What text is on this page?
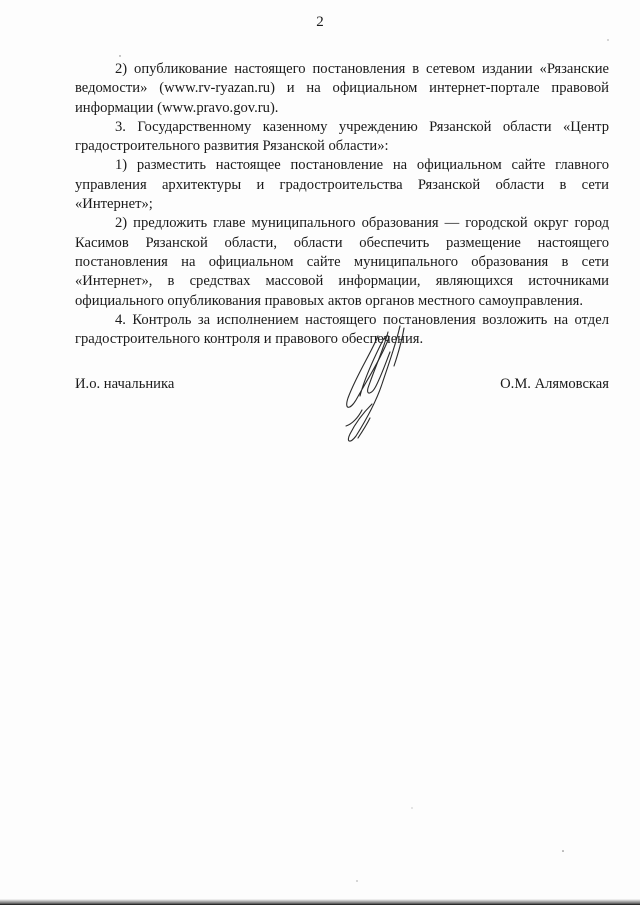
2

2) опубликование настоящего постановления в сетевом издании «Рязанские ведомости» (www.rv-ryazan.ru) и на официальном интернет-портале правовой информации (www.pravo.gov.ru).

3. Государственному казенному учреждению Рязанской области «Центр градостроительного развития Рязанской области»:

1) разместить настоящее постановление на официальном сайте главного управления архитектуры и градостроительства Рязанской области в сети «Интернет»;

2) предложить главе муниципального образования — городской округ город Касимов Рязанской области, области обеспечить размещение настоящего постановления на официальном сайте муниципального образования в сети «Интернет», в средствах массовой информации, являющихся источниками официального опубликования правовых актов органов местного самоуправления.

4. Контроль за исполнением настоящего постановления возложить на отдел градостроительного контроля и правового обеспечения.

И.о. начальника	О.М. Алямовская
